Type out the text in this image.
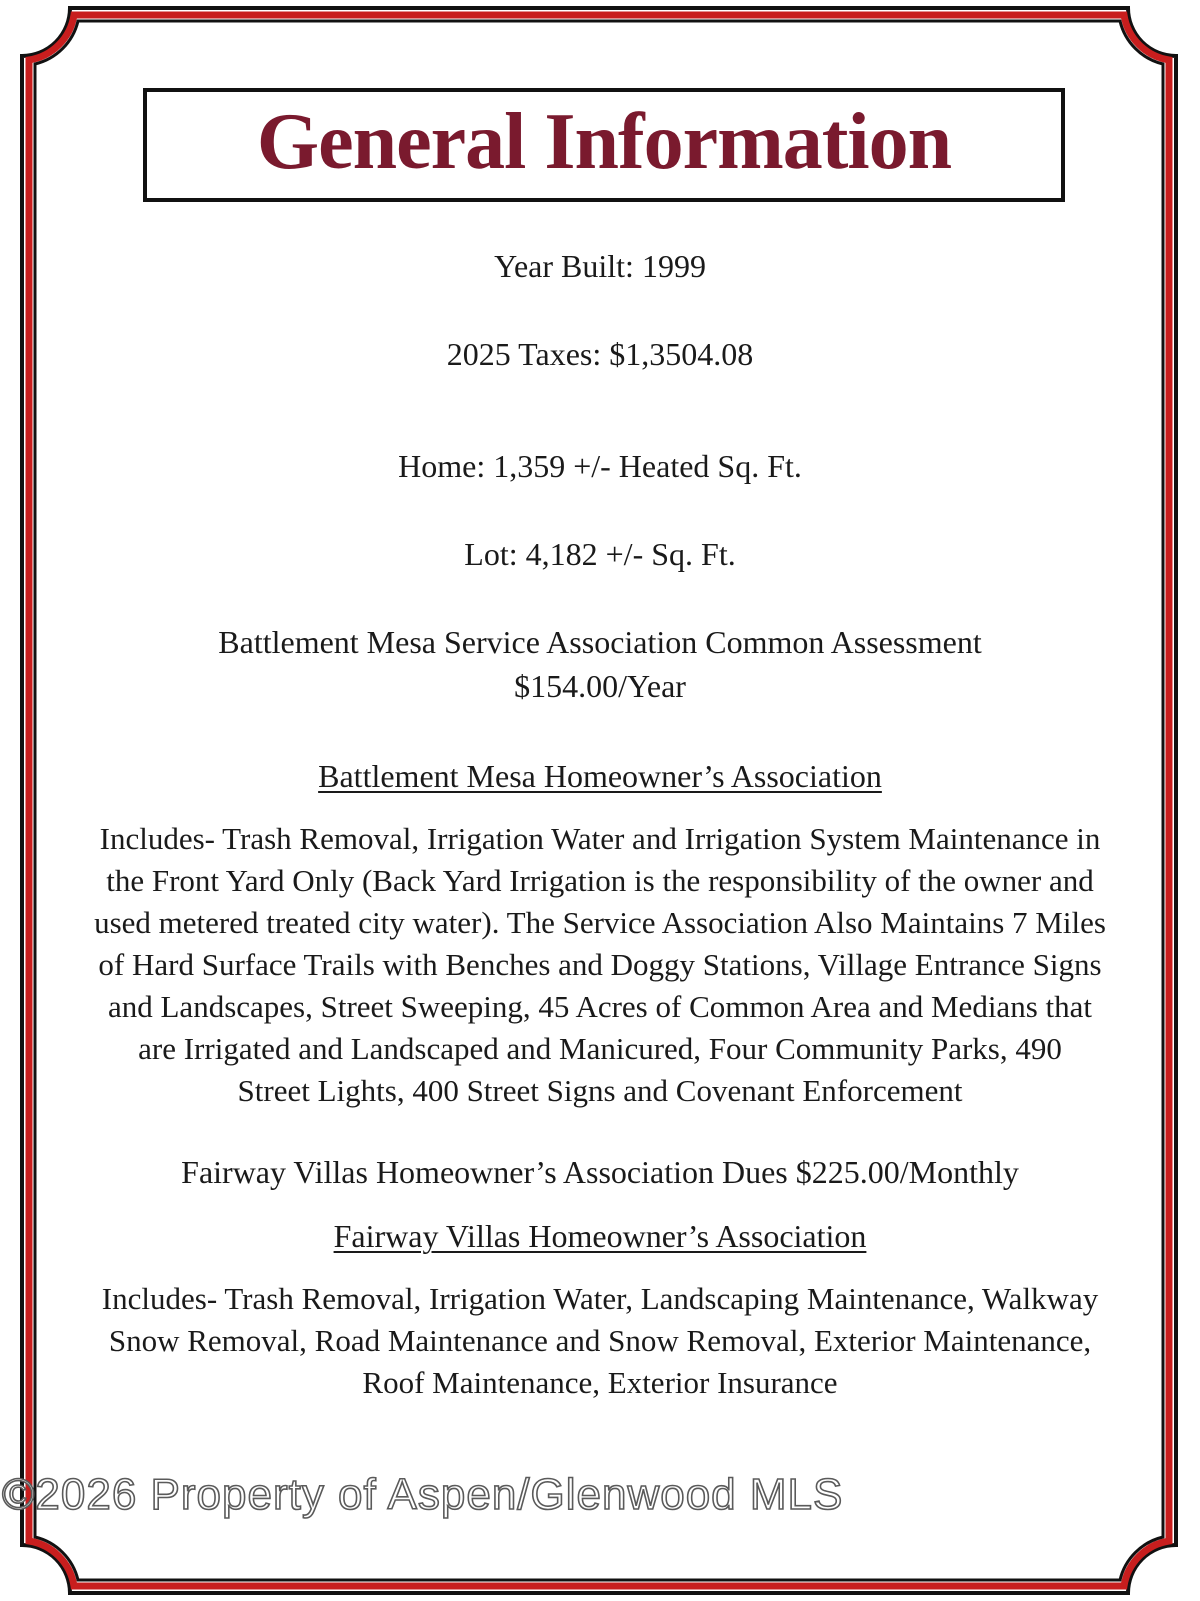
General Information
Year Built: 1999
2025 Taxes: $1,3504.08
Home: 1,359 +/- Heated Sq. Ft.
Lot: 4,182 +/- Sq. Ft.
Battlement Mesa Service Association Common Assessment
$154.00/Year
Battlement Mesa Homeowner’s Association
Includes- Trash Removal, Irrigation Water and Irrigation System Maintenance in
the Front Yard Only (Back Yard Irrigation is the responsibility of the owner and
used metered treated city water). The Service Association Also Maintains 7 Miles
of Hard Surface Trails with Benches and Doggy Stations, Village Entrance Signs
and Landscapes, Street Sweeping, 45 Acres of Common Area and Medians that
are Irrigated and Landscaped and Manicured, Four Community Parks, 490
Street Lights, 400 Street Signs and Covenant Enforcement
Fairway Villas Homeowner’s Association Dues $225.00/Monthly
Fairway Villas Homeowner’s Association
Includes- Trash Removal, Irrigation Water, Landscaping Maintenance, Walkway
Snow Removal, Road Maintenance and Snow Removal, Exterior Maintenance,
Roof Maintenance, Exterior Insurance
©2026 Property of Aspen/Glenwood MLS
